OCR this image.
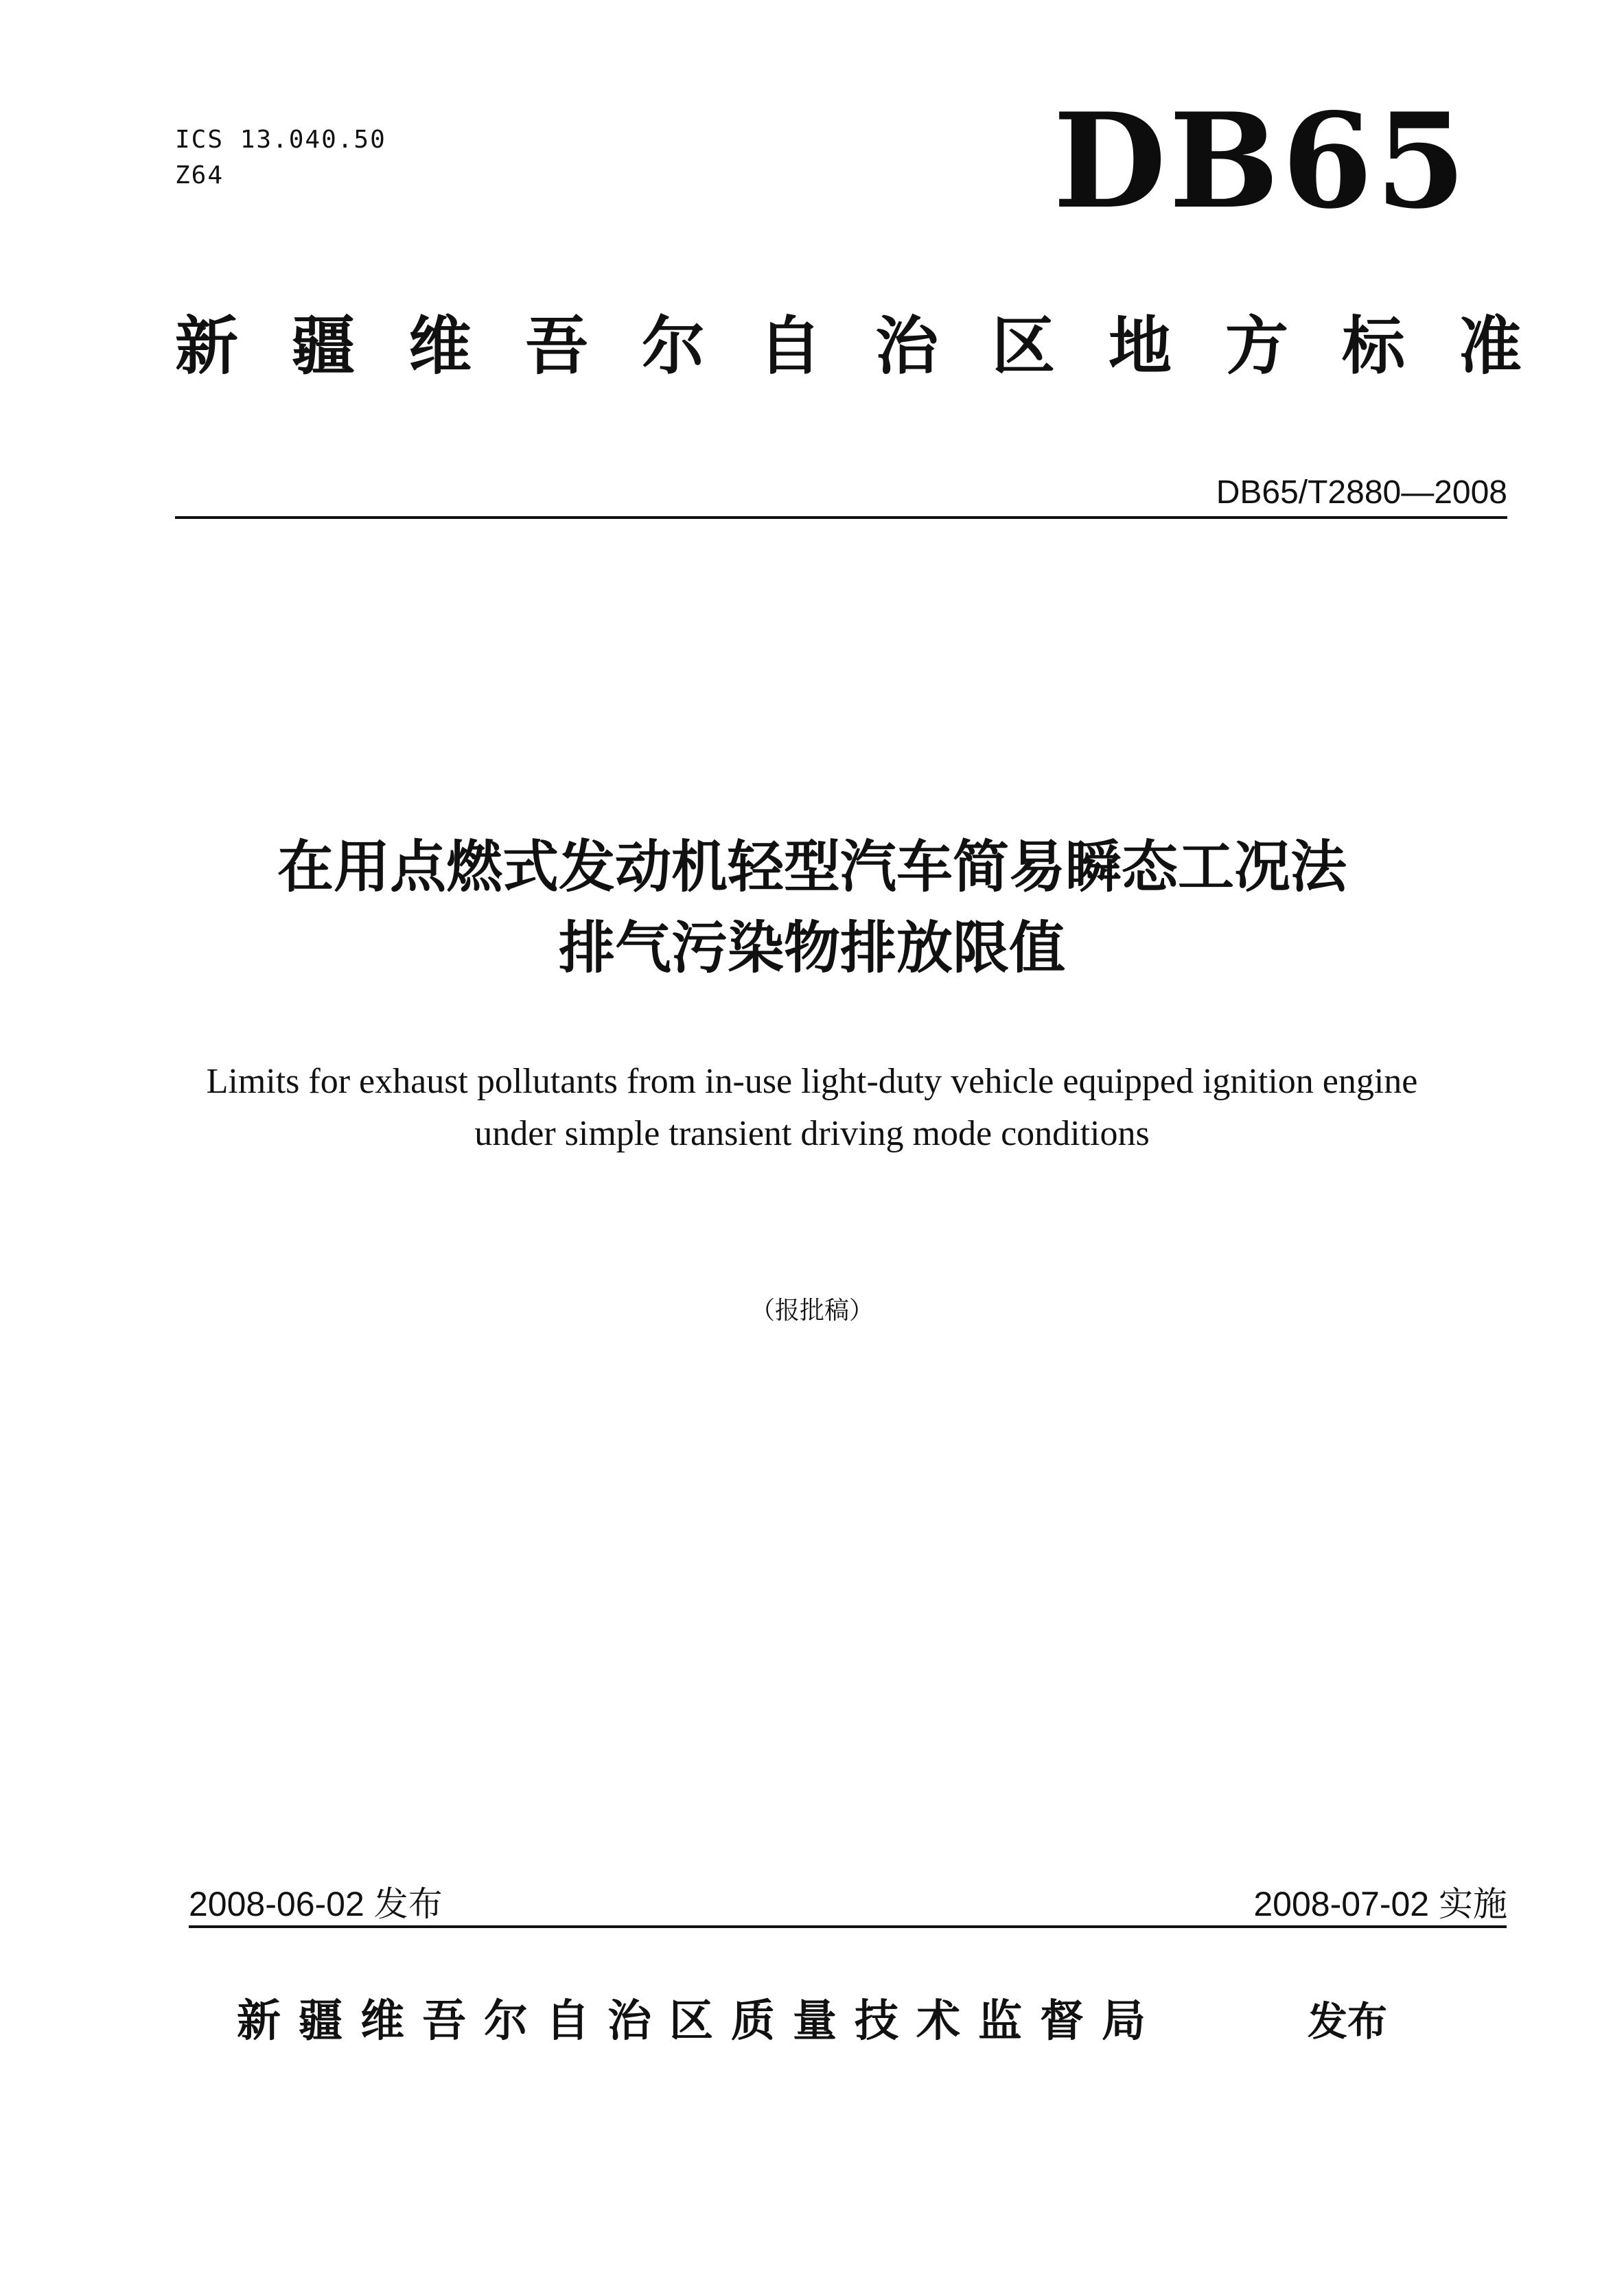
ICS 13.040.50
Z64	DB65
新疆维吾尔自治区地方标准
DB65/T2880—2008
在用点燃式发动机轻型汽车简易瞬态工况法
排气污染物排放限值
Limits for exhaust pollutants from in-use light-duty vehicle equipped ignition engine
under simple transient driving mode conditions
（报批稿）
2008-06-02 发布	2008-07-02 实施
新疆维吾尔自治区质量技术监督局	发布
